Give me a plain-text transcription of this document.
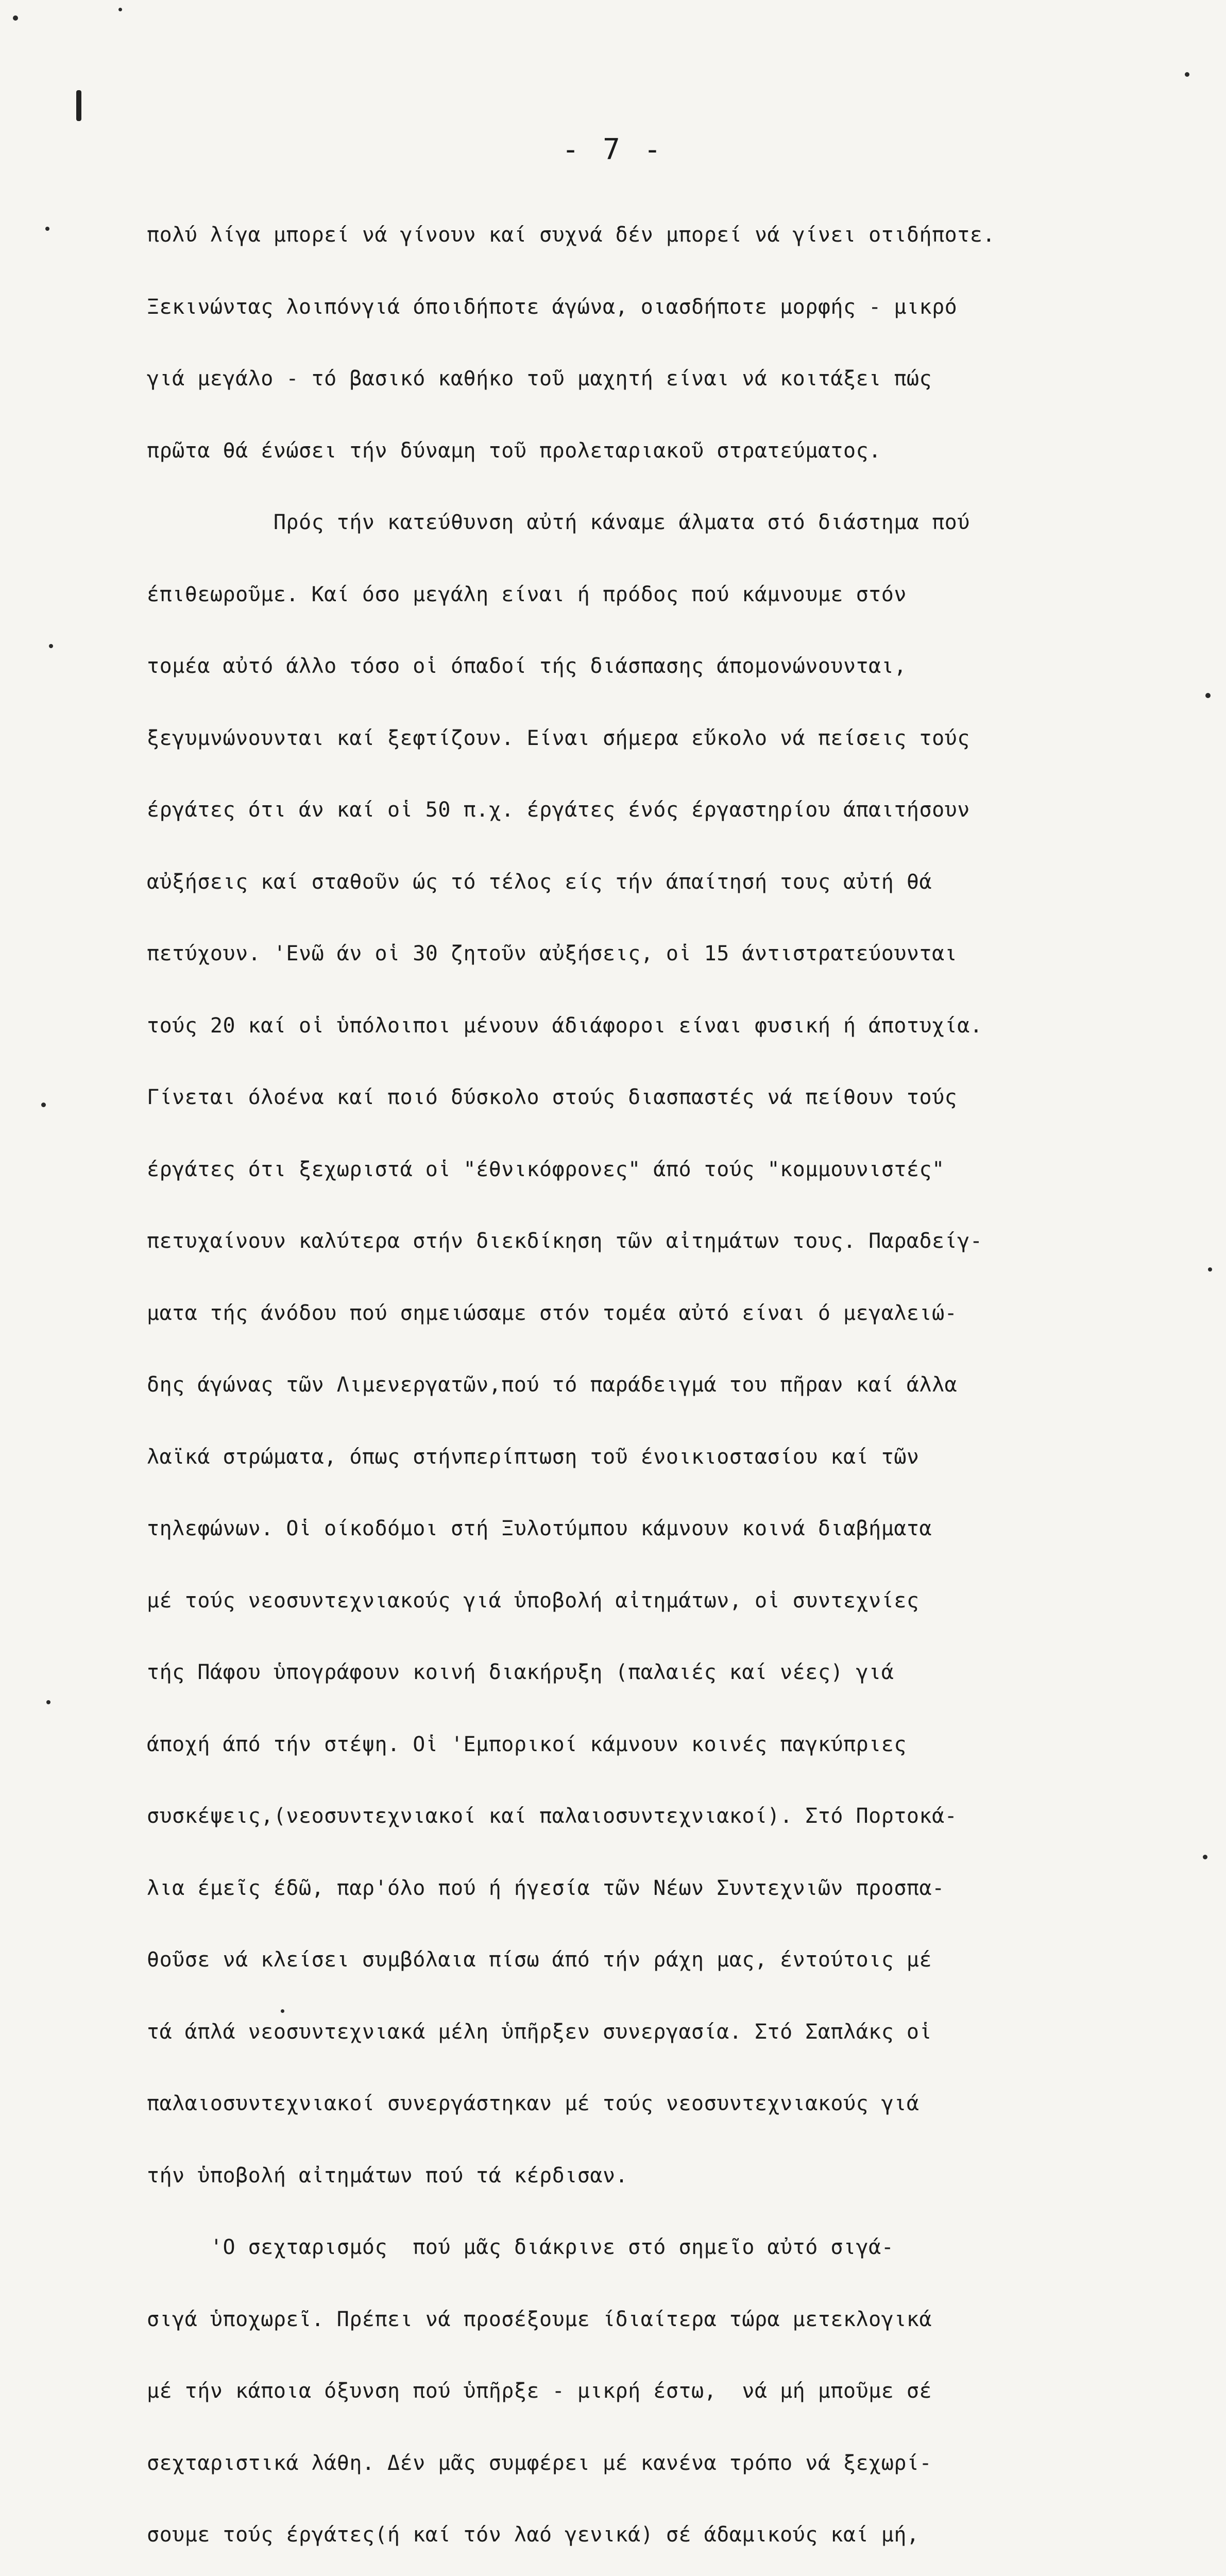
- 7 -

πολύ λίγα μπορεί νά γίνουν καί συχνά δέν μπορεί νά γίνει οτιδήποτε.

Ξεκινώντας λοιπόνγιά όποιδήποτε άγώνα, οιασδήποτε μορφής - μικρό

γιά μεγάλο - τό βασικό καθήκο τοῦ μαχητή είναι νά κοιτάξει πώς

πρῶτα θά ένώσει τήν δύναμη τοῦ προλεταριακοῦ στρατεύματος.

Πρός τήν κατεύθυνση αὐτή κάναμε άλματα στό διάστημα πού

έπιθεωροῦμε. Καί όσο μεγάλη είναι ή πρόδος πού κάμνουμε στόν

τομέα αὐτό άλλο τόσο οἱ όπαδοί τής διάσπασης άπομονώνουνται,

ξεγυμνώνουνται καί ξεφτίζουν. Είναι σήμερα εὔκολο νά πείσεις τούς

έργάτες ότι άν καί οἱ 50 π.χ. έργάτες ένός έργαστηρίου άπαιτήσουν

αὐξήσεις καί σταθοῦν ώς τό τέλος είς τήν άπαίτησή τους αὐτή θά

πετύχουν. 'Ενῶ άν οἱ 30 ζητοῦν αὐξήσεις, οἱ 15 άντιστρατεύουνται

τούς 20 καί οἱ ὑπόλοιποι μένουν άδιάφοροι είναι φυσική ή άποτυχία.

Γίνεται όλοένα καί ποιό δύσκολο στούς διασπαστές νά πείθουν τούς

έργάτες ότι ξεχωριστά οἱ "έθνικόφρονες" άπό τούς "κομμουνιστές"

πετυχαίνουν καλύτερα στήν διεκδίκηση τῶν αἰτημάτων τους. Παραδείγ-

ματα τής άνόδου πού σημειώσαμε στόν τομέα αὐτό είναι ό μεγαλειώ-

δης άγώνας τῶν Λιμενεργατῶν,πού τό παράδειγμά του πῆραν καί άλλα

λαϊκά στρώματα, όπως στήνπερίπτωση τοῦ ένοικιοστασίου καί τῶν

τηλεφώνων. Οἱ οίκοδόμοι στή Ξυλοτύμπου κάμνουν κοινά διαβήματα

μέ τούς νεοσυντεχνιακούς γιά ὑποβολή αἰτημάτων, οἱ συντεχνίες

τής Πάφου ὑπογράφουν κοινή διακήρυξη (παλαιές καί νέες) γιά

άποχή άπό τήν στέψη. Οἱ 'Εμπορικοί κάμνουν κοινές παγκύπριες

συσκέψεις,(νεοσυντεχνιακοί καί παλαιοσυντεχνιακοί). Στό Πορτοκά-

λια έμεῖς έδῶ, παρ'όλο πού ή ήγεσία τῶν Νέων Συντεχνιῶν προσπα-

θοῦσε νά κλείσει συμβόλαια πίσω άπό τήν ράχη μας, έντούτοις μέ

τά άπλά νεοσυντεχνιακά μέλη ὑπῆρξεν συνεργασία. Στό Σαπλάκς οἱ

παλαιοσυντεχνιακοί συνεργάστηκαν μέ τούς νεοσυντεχνιακούς γιά

τήν ὑποβολή αἰτημάτων πού τά κέρδισαν.

'Ο σεχταρισμός  πού μᾶς διάκρινε στό σημεῖο αὐτό σιγά-

σιγά ὑποχωρεῖ. Πρέπει νά προσέξουμε ίδιαίτερα τώρα μετεκλογικά

μέ τήν κάποια όξυνση πού ὑπῆρξε - μικρή έστω,  νά μή μποῦμε σέ

σεχταριστικά λάθη. Δέν μᾶς συμφέρει μέ κανένα τρόπο νά ξεχωρί-

σουμε τούς έργάτες(ή καί τόν λαό γενικά) σέ άδαμικούς καί μή,
